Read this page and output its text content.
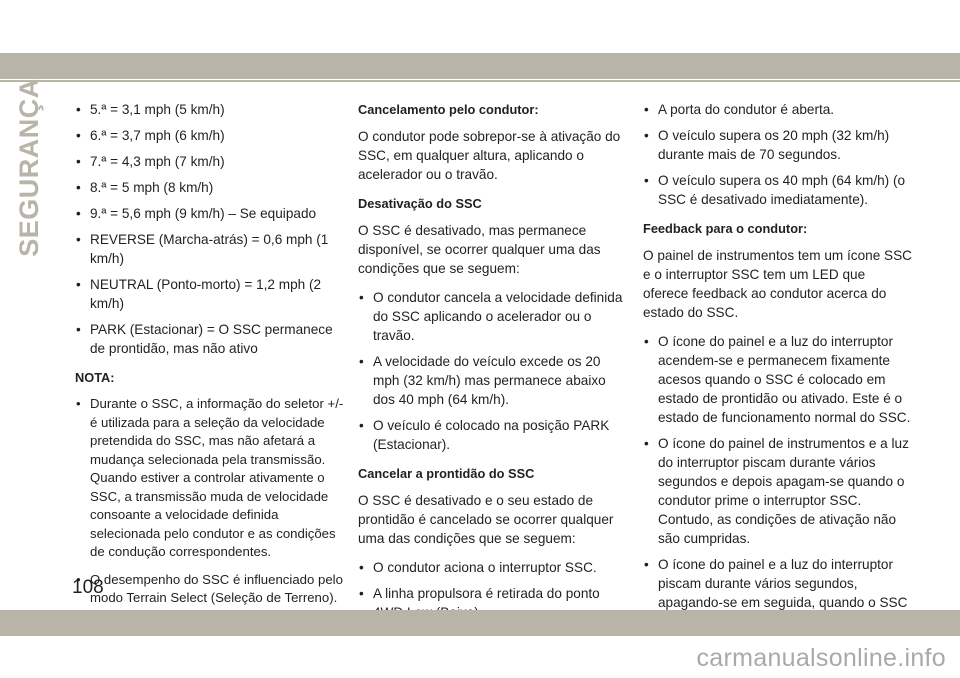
SEGURANÇA
•	5.ª = 3,1 mph (5 km/h)
• 6.ª = 3,7 mph (6 km/h)
• 7.ª = 4,3 mph (7 km/h)
• 8.ª = 5 mph (8 km/h)
• 9.ª = 5,6 mph (9 km/h) – Se equipado
• REVERSE (Marcha-atrás) = 0,6 mph (1 km/h)
• NEUTRAL (Ponto-morto) = 1,2 mph (2 km/h)
• PARK (Estacionar) = O SSC permanece de prontidão, mas não ativo
NOTA:
• Durante o SSC, a informação do seletor +/- é utilizada para a seleção da velocidade pretendida do SSC, mas não afetará a mudança selecionada pela transmissão. Quando estiver a controlar ativamente o SSC, a transmissão muda de velocidade consoante a velocidade definida selecionada pelo condutor e as condições de condução correspondentes.
• O desempenho do SSC é influenciado pelo modo Terrain Select (Seleção de Terreno).
Cancelamento pelo condutor:

O condutor pode sobrepor-se à ativação do SSC, em qualquer altura, aplicando o acelerador ou o travão.

Desativação do SSC

O SSC é desativado, mas permanece disponível, se ocorrer qualquer uma das condições que se seguem:

• O condutor cancela a velocidade definida do SSC aplicando o acelerador ou o travão.
• A velocidade do veículo excede os 20 mph (32 km/h) mas permanece abaixo dos 40 mph (64 km/h).
• O veículo é colocado na posição PARK (Estacionar).
Cancelar a prontidão do SSC

O SSC é desativado e o seu estado de prontidão é cancelado se ocorrer qualquer uma das condições que se seguem:

• O condutor aciona o interruptor SSC.
• A linha propulsora é retirada do ponto
•
• A porta do condutor é aberta.
• O veículo supera os 20 mph (32 km/h) durante mais de 70 segundos.
• O veículo supera os 40 mph (64 km/h) (o SSC é desativado imediatamente).
Feedback para o condutor:

O painel de instrumentos tem um ícone SSC e o interruptor SSC tem um LED que oferece feedback ao condutor acerca do estado do SSC.

• O ícone do painel e a luz do interruptor acendem-se e permanecem fixamente acesos quando o SSC é colocado em estado de prontidão ou ativado. Este é o estado de funcionamento normal do SSC.
• O ícone do painel de instrumentos e a luz do interruptor piscam durante vários segundos e depois apagam-se quando o condutor prime o interruptor SSC. Contudo, as condições de ativação não são cumpridas.
• O ícone do painel e a luz do interruptor piscam durante vários segundos, apagando-se em seguida, quando o SSC
108
carmanualsonline.info
